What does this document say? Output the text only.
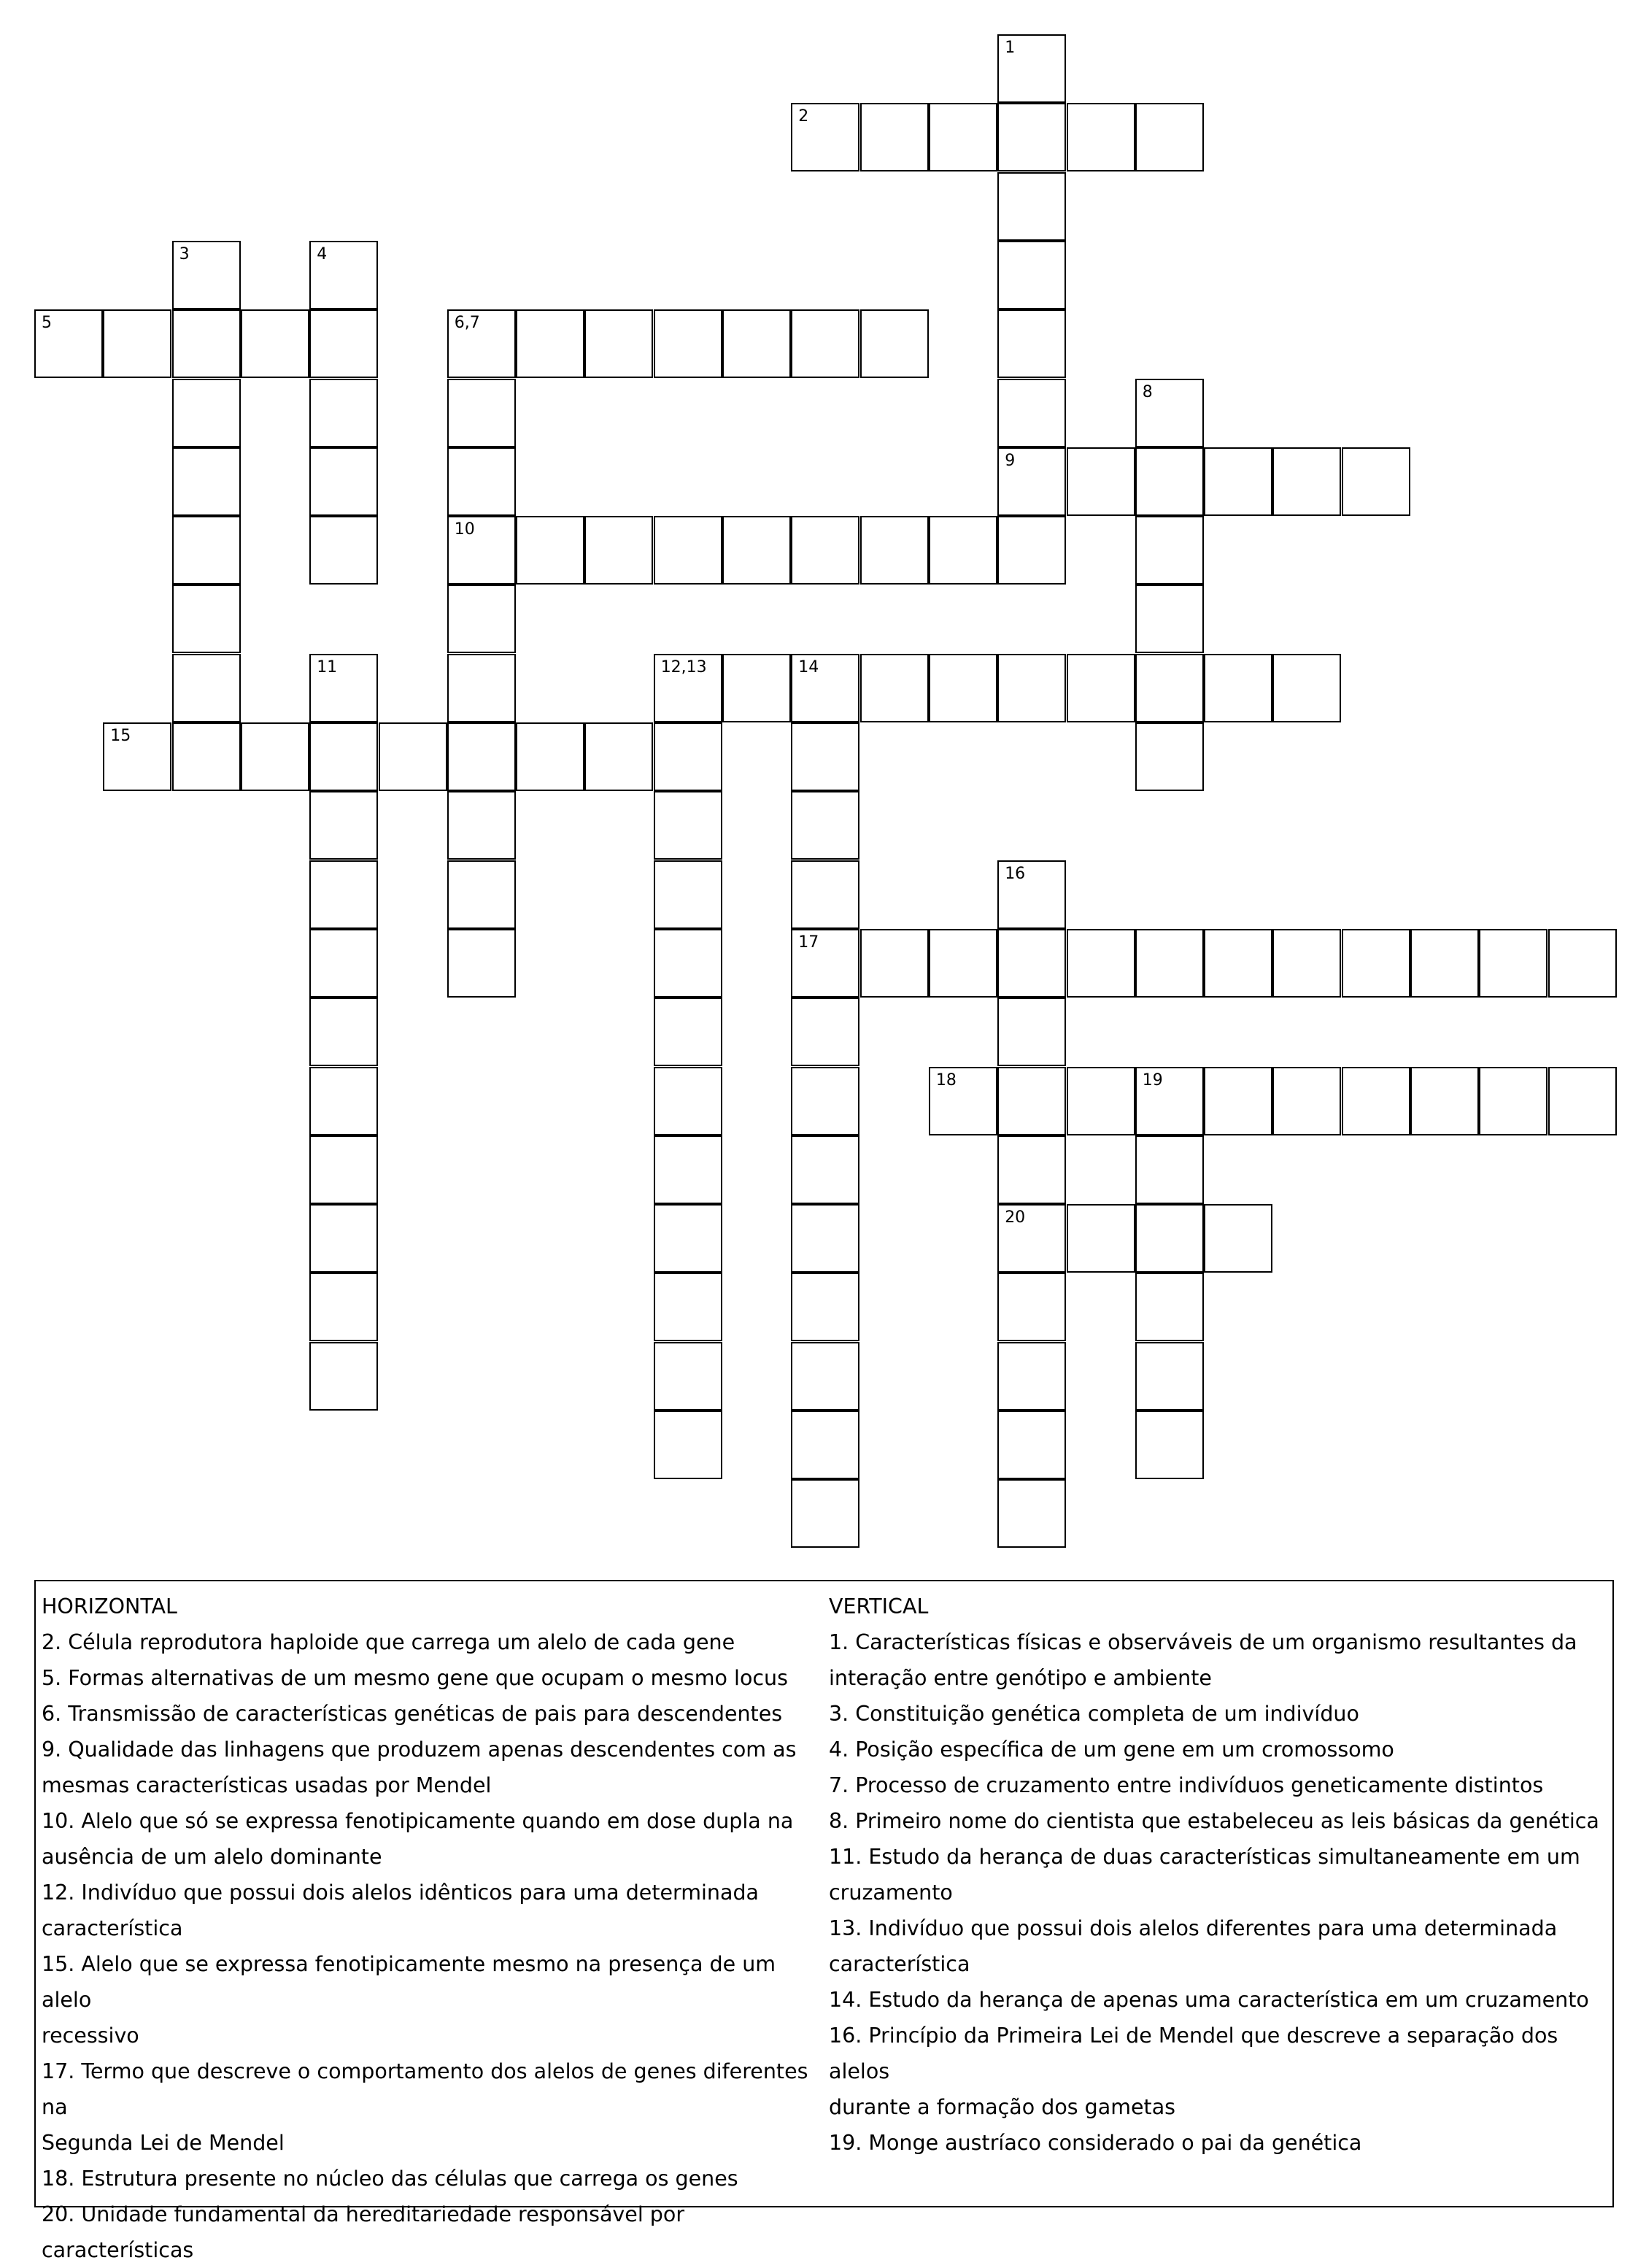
1
2
3	4
5	6,7
8
9
10
11	12,13	14
15
16
17
18	19
20
HORIZONTAL
2. Célula reprodutora haploide que carrega um alelo de cada gene
5. Formas alternativas de um mesmo gene que ocupam o mesmo locus
6. Transmissão de características genéticas de pais para descendentes
9. Qualidade das linhagens que produzem apenas descendentes com as
mesmas características usadas por Mendel
10. Alelo que só se expressa fenotipicamente quando em dose dupla na
ausência de um alelo dominante
12. Indivíduo que possui dois alelos idênticos para uma determinada
característica
15. Alelo que se expressa fenotipicamente mesmo na presença de um alelo
recessivo
17. Termo que descreve o comportamento dos alelos de genes diferentes na
Segunda Lei de Mendel
18. Estrutura presente no núcleo das células que carrega os genes
20. Unidade fundamental da hereditariedade responsável por características
VERTICAL
1. Características físicas e observáveis de um organismo resultantes da
interação entre genótipo e ambiente
3. Constituição genética completa de um indivíduo
4. Posição específica de um gene em um cromossomo
7. Processo de cruzamento entre indivíduos geneticamente distintos
8. Primeiro nome do cientista que estabeleceu as leis básicas da genética
11. Estudo da herança de duas características simultaneamente em um
cruzamento
13. Indivíduo que possui dois alelos diferentes para uma determinada
característica
14. Estudo da herança de apenas uma característica em um cruzamento
16. Princípio da Primeira Lei de Mendel que descreve a separação dos alelos
durante a formação dos gametas
19. Monge austríaco considerado o pai da genética
